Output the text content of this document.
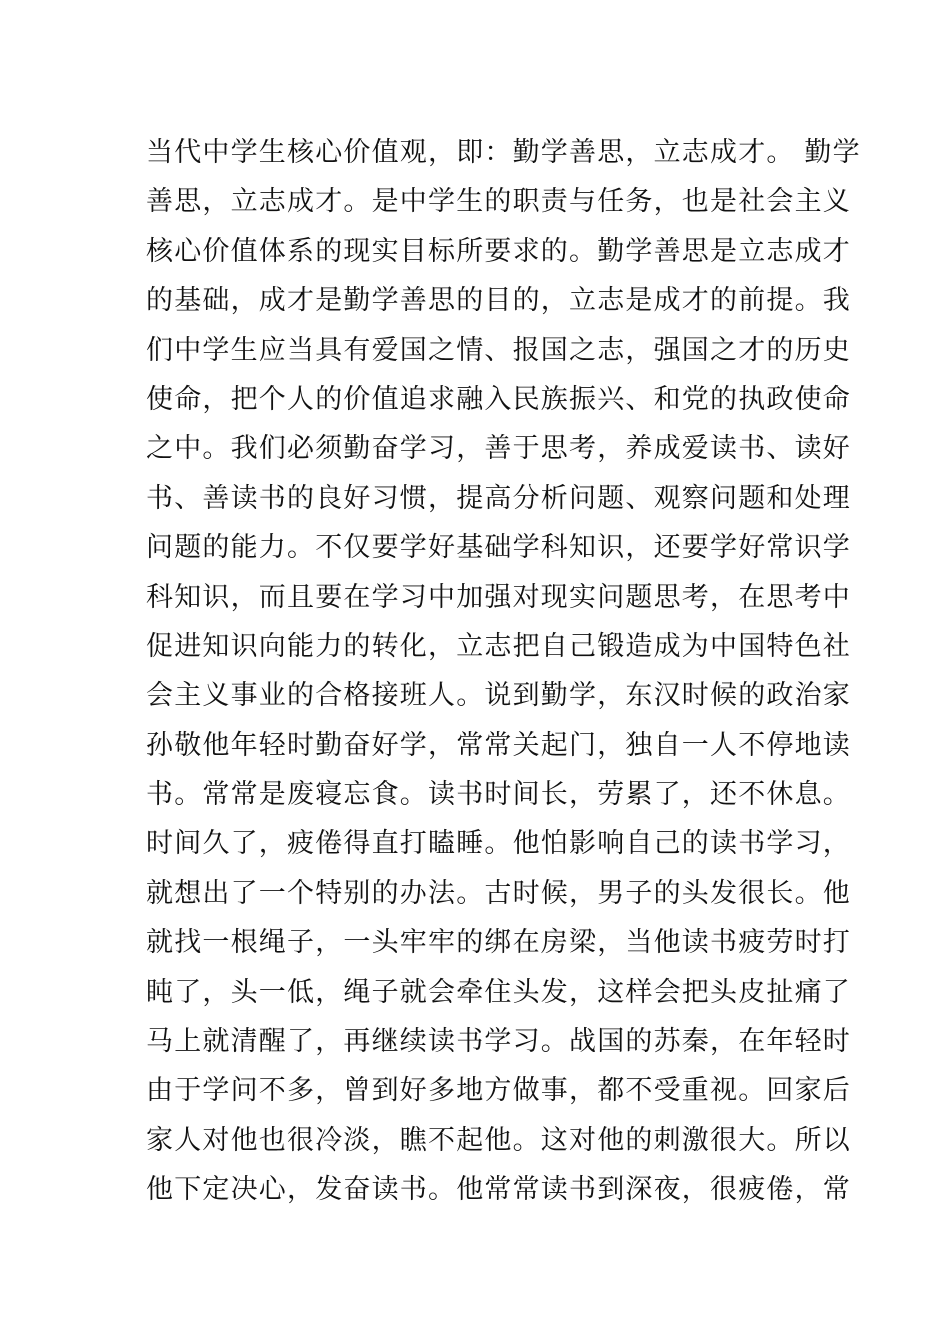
当代中学生核心价值观，即：勤学善思，立志成才。 勤学

善思，立志成才。是中学生的职责与任务，也是社会主义

核心价值体系的现实目标所要求的。勤学善思是立志成才

的基础，成才是勤学善思的目的，立志是成才的前提。我

们中学生应当具有爱国之情、报国之志，强国之才的历史

使命，把个人的价值追求融入民族振兴、和党的执政使命

之中。我们必须勤奋学习，善于思考，养成爱读书、读好

书、善读书的良好习惯，提高分析问题、观察问题和处理

问题的能力。不仅要学好基础学科知识，还要学好常识学

科知识，而且要在学习中加强对现实问题思考，在思考中

促进知识向能力的转化，立志把自己锻造成为中国特色社

会主义事业的合格接班人。说到勤学，东汉时候的政治家

孙敬他年轻时勤奋好学，常常关起门，独自一人不停地读

书。常常是废寝忘食。读书时间长，劳累了，还不休息。

时间久了，疲倦得直打瞌睡。他怕影响自己的读书学习，

就想出了一个特别的办法。古时候，男子的头发很长。他

就找一根绳子，一头牢牢的绑在房梁，当他读书疲劳时打

盹了，头一低，绳子就会牵住头发，这样会把头皮扯痛了

马上就清醒了，再继续读书学习。战国的苏秦，在年轻时

由于学问不多，曾到好多地方做事，都不受重视。回家后

家人对他也很冷淡，瞧不起他。这对他的刺激很大。所以

他下定决心，发奋读书。他常常读书到深夜，很疲倦，常
